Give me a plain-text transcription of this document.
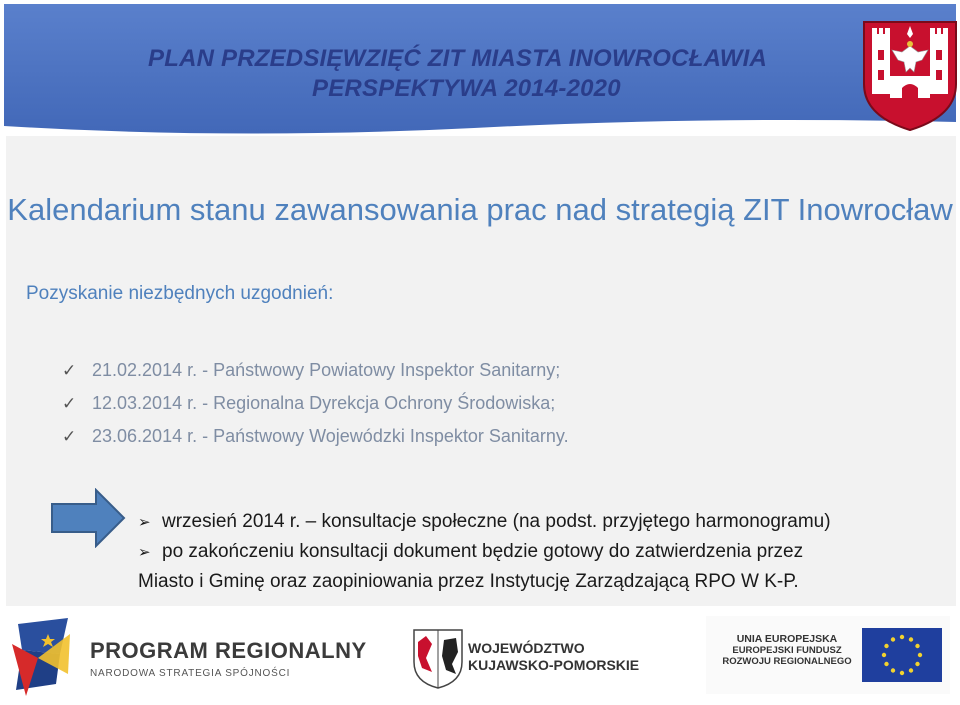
PLAN PRZEDSIĘWZIĘĆ ZIT MIASTA INOWROCŁAWIA
PERSPEKTYWA 2014-2020
Kalendarium stanu zawansowania prac nad strategią ZIT Inowrocław
Pozyskanie niezbędnych uzgodnień:
✓ 21.02.2014 r. - Państwowy Powiatowy Inspektor Sanitarny;
✓ 12.03.2014 r. - Regionalna Dyrekcja Ochrony Środowiska;
✓ 23.06.2014 r. - Państwowy Wojewódzki Inspektor Sanitarny.
➢ wrzesień 2014 r. – konsultacje społeczne (na podst. przyjętego harmonogramu)
➢ po zakończeniu konsultacji dokument będzie gotowy do zatwierdzenia przez
Miasto i Gminę oraz zaopiniowania przez Instytucję Zarządzającą RPO W K-P.
PROGRAM REGIONALNY
NARODOWA STRATEGIA SPÓJNOŚCI
WOJEWÓDZTWO
KUJAWSKO-POMORSKIE
UNIA EUROPEJSKA
EUROPEJSKI FUNDUSZ
ROZWOJU REGIONALNEGO
